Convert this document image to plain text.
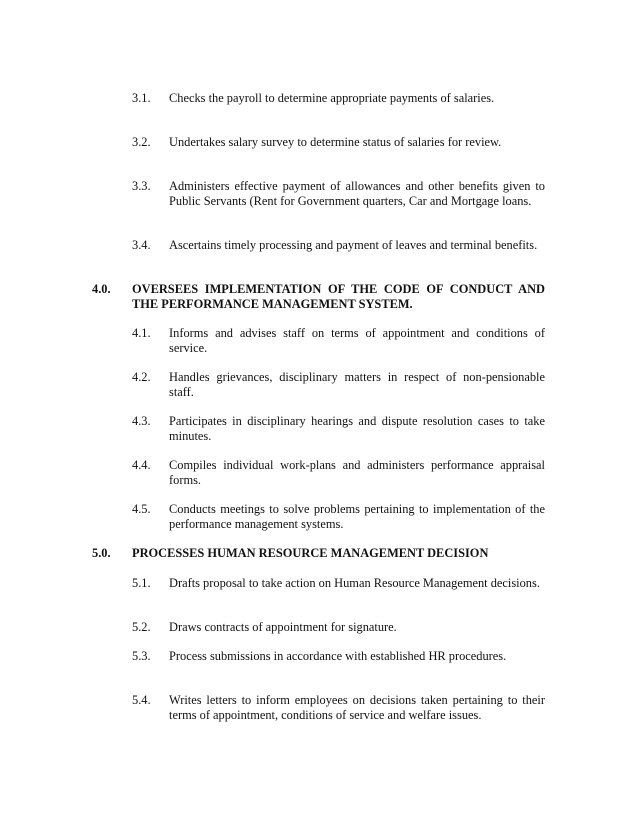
3.1. Checks the payroll to determine appropriate payments of salaries.
3.2. Undertakes salary survey to determine status of salaries for review.
3.3. Administers effective payment of allowances and other benefits given to Public Servants (Rent for Government quarters, Car and Mortgage loans.
3.4. Ascertains timely processing and payment of leaves and terminal benefits.
4.0. OVERSEES IMPLEMENTATION OF THE CODE OF CONDUCT AND THE PERFORMANCE MANAGEMENT SYSTEM.
4.1. Informs and advises staff on terms of appointment and conditions of service.
4.2. Handles grievances, disciplinary matters in respect of non-pensionable staff.
4.3. Participates in disciplinary hearings and dispute resolution cases to take minutes.
4.4. Compiles individual work-plans and administers performance appraisal forms.
4.5. Conducts meetings to solve problems pertaining to implementation of the performance management systems.
5.0. PROCESSES HUMAN RESOURCE MANAGEMENT DECISION
5.1. Drafts proposal to take action on Human Resource Management decisions.
5.2. Draws contracts of appointment for signature.
5.3. Process submissions in accordance with established HR procedures.
5.4. Writes letters to inform employees on decisions taken pertaining to their terms of appointment, conditions of service and welfare issues.
